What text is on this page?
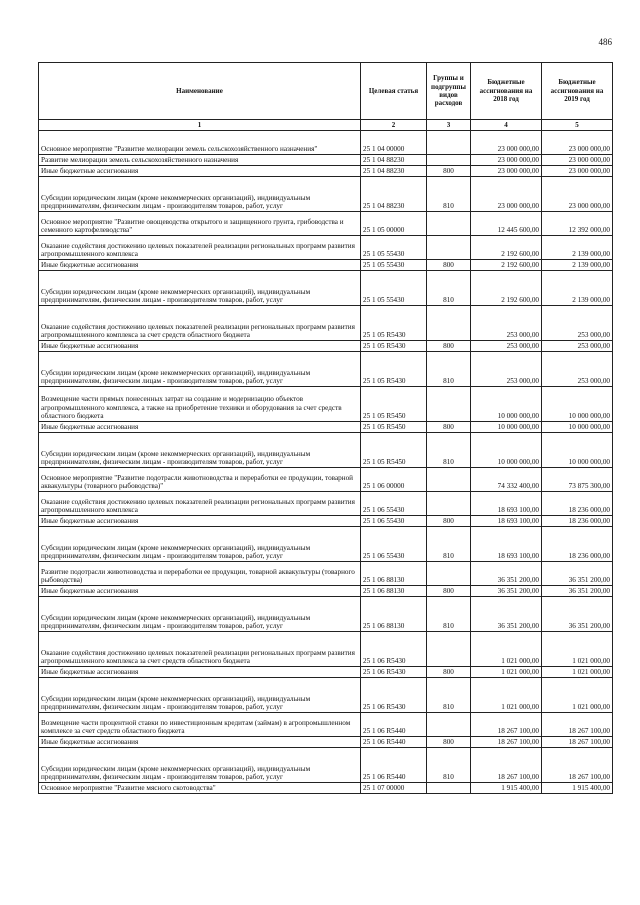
486
Наименование	Целевая статья	Группы и подгруппы видов расходов	Бюджетные ассигнования на 2018 год	Бюджетные ассигнования на 2019 год
1	2	3	4	5
Основное мероприятие "Развитие мелиорации земель сельскохозяйственного назначения"	25 1 04 00000		23 000 000,00	23 000 000,00
Развитие мелиорации земель сельскохозяйственного назначения	25 1 04 88230		23 000 000,00	23 000 000,00
Иные бюджетные ассигнования	25 1 04 88230	800	23 000 000,00	23 000 000,00
Субсидии юридическим лицам (кроме некоммерческих организаций), индивидуальным предпринимателям, физическим лицам - производителям товаров, работ, услуг	25 1 04 88230	810	23 000 000,00	23 000 000,00
Основное мероприятие "Развитие овощеводства открытого и защищенного грунта, грибоводства и семенного картофелеводства"	25 1 05 00000		12 445 600,00	12 392 000,00
Оказание содействия достижению целевых показателей реализации региональных программ развития агропромышленного комплекса	25 1 05 55430		2 192 600,00	2 139 000,00
Иные бюджетные ассигнования	25 1 05 55430	800	2 192 600,00	2 139 000,00
Субсидии юридическим лицам (кроме некоммерческих организаций), индивидуальным предпринимателям, физическим лицам - производителям товаров, работ, услуг	25 1 05 55430	810	2 192 600,00	2 139 000,00
Оказание содействия достижению целевых показателей реализации региональных программ развития агропромышленного комплекса за счет средств областного бюджета	25 1 05 R5430		253 000,00	253 000,00
Иные бюджетные ассигнования	25 1 05 R5430	800	253 000,00	253 000,00
Субсидии юридическим лицам (кроме некоммерческих организаций), индивидуальным предпринимателям, физическим лицам - производителям товаров, работ, услуг	25 1 05 R5430	810	253 000,00	253 000,00
Возмещение части прямых понесенных затрат на создание и модернизацию объектов агропромышленного комплекса, а также на приобретение техники и оборудования за счет средств областного бюджета	25 1 05 R5450		10 000 000,00	10 000 000,00
Иные бюджетные ассигнования	25 1 05 R5450	800	10 000 000,00	10 000 000,00
Субсидии юридическим лицам (кроме некоммерческих организаций), индивидуальным предпринимателям, физическим лицам - производителям товаров, работ, услуг	25 1 05 R5450	810	10 000 000,00	10 000 000,00
Основное мероприятие "Развитие подотрасли животноводства и переработки ее продукции, товарной аквакультуры (товарного рыбоводства)"	25 1 06 00000		74 332 400,00	73 875 300,00
Оказание содействия достижению целевых показателей реализации региональных программ развития агропромышленного комплекса	25 1 06 55430		18 693 100,00	18 236 000,00
Иные бюджетные ассигнования	25 1 06 55430	800	18 693 100,00	18 236 000,00
Субсидии юридическим лицам (кроме некоммерческих организаций), индивидуальным предпринимателям, физическим лицам - производителям товаров, работ, услуг	25 1 06 55430	810	18 693 100,00	18 236 000,00
Развитие подотрасли животноводства и переработки ее продукции, товарной аквакультуры (товарного рыбоводства)	25 1 06 88130		36 351 200,00	36 351 200,00
Иные бюджетные ассигнования	25 1 06 88130	800	36 351 200,00	36 351 200,00
Субсидии юридическим лицам (кроме некоммерческих организаций), индивидуальным предпринимателям, физическим лицам - производителям товаров, работ, услуг	25 1 06 88130	810	36 351 200,00	36 351 200,00
Оказание содействия достижению целевых показателей реализации региональных программ развития агропромышленного комплекса за счет средств областного бюджета	25 1 06 R5430		1 021 000,00	1 021 000,00
Иные бюджетные ассигнования	25 1 06 R5430	800	1 021 000,00	1 021 000,00
Субсидии юридическим лицам (кроме некоммерческих организаций), индивидуальным предпринимателям, физическим лицам - производителям товаров, работ, услуг	25 1 06 R5430	810	1 021 000,00	1 021 000,00
Возмещение части процентной ставки по инвестиционным кредитам (займам) в агропромышленном комплексе за счет средств областного бюджета	25 1 06 R5440		18 267 100,00	18 267 100,00
Иные бюджетные ассигнования	25 1 06 R5440	800	18 267 100,00	18 267 100,00
Субсидии юридическим лицам (кроме некоммерческих организаций), индивидуальным предпринимателям, физическим лицам - производителям товаров, работ, услуг	25 1 06 R5440	810	18 267 100,00	18 267 100,00
Основное мероприятие "Развитие мясного скотоводства"	25 1 07 00000		1 915 400,00	1 915 400,00
